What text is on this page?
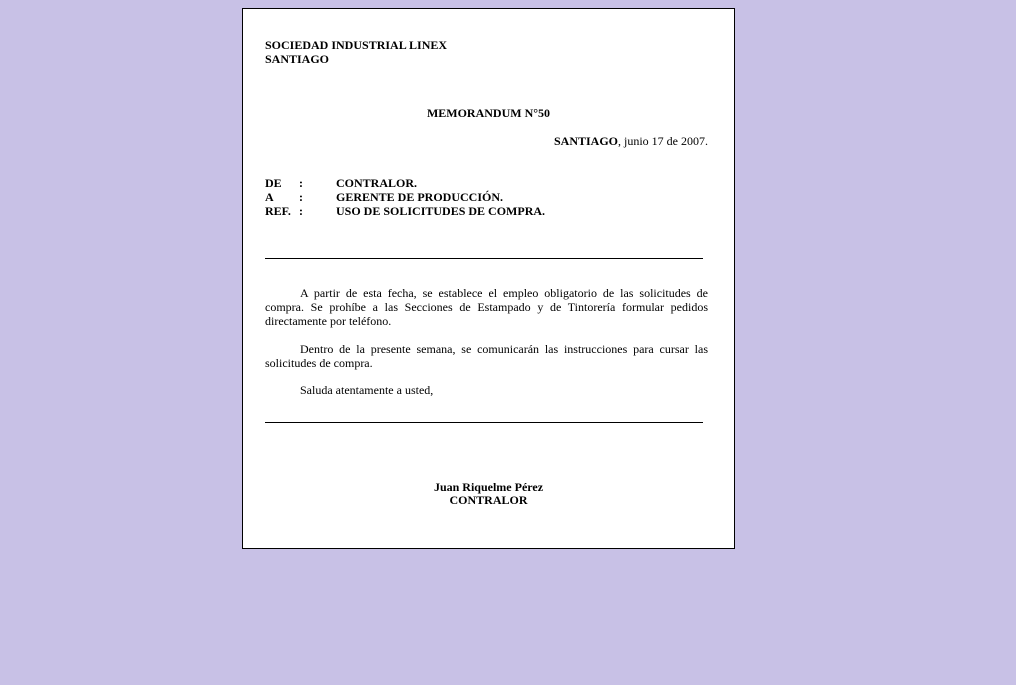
SOCIEDAD INDUSTRIAL LINEX
SANTIAGO
MEMORANDUM N°50
SANTIAGO, junio 17 de 2007.
DE	:	CONTRALOR.
A	:	GERENTE DE PRODUCCIÓN.
REF. :	USO DE SOLICITUDES DE COMPRA.

A partir de esta fecha, se establece el empleo obligatorio de las solicitudes de compra. Se prohíbe a las Secciones de Estampado y de Tintorería formular pedidos directamente por teléfono.

Dentro de la presente semana, se comunicarán las instrucciones para cursar las solicitudes de compra.

Saluda atentamente a usted,
Juan Riquelme Pérez
CONTRALOR
